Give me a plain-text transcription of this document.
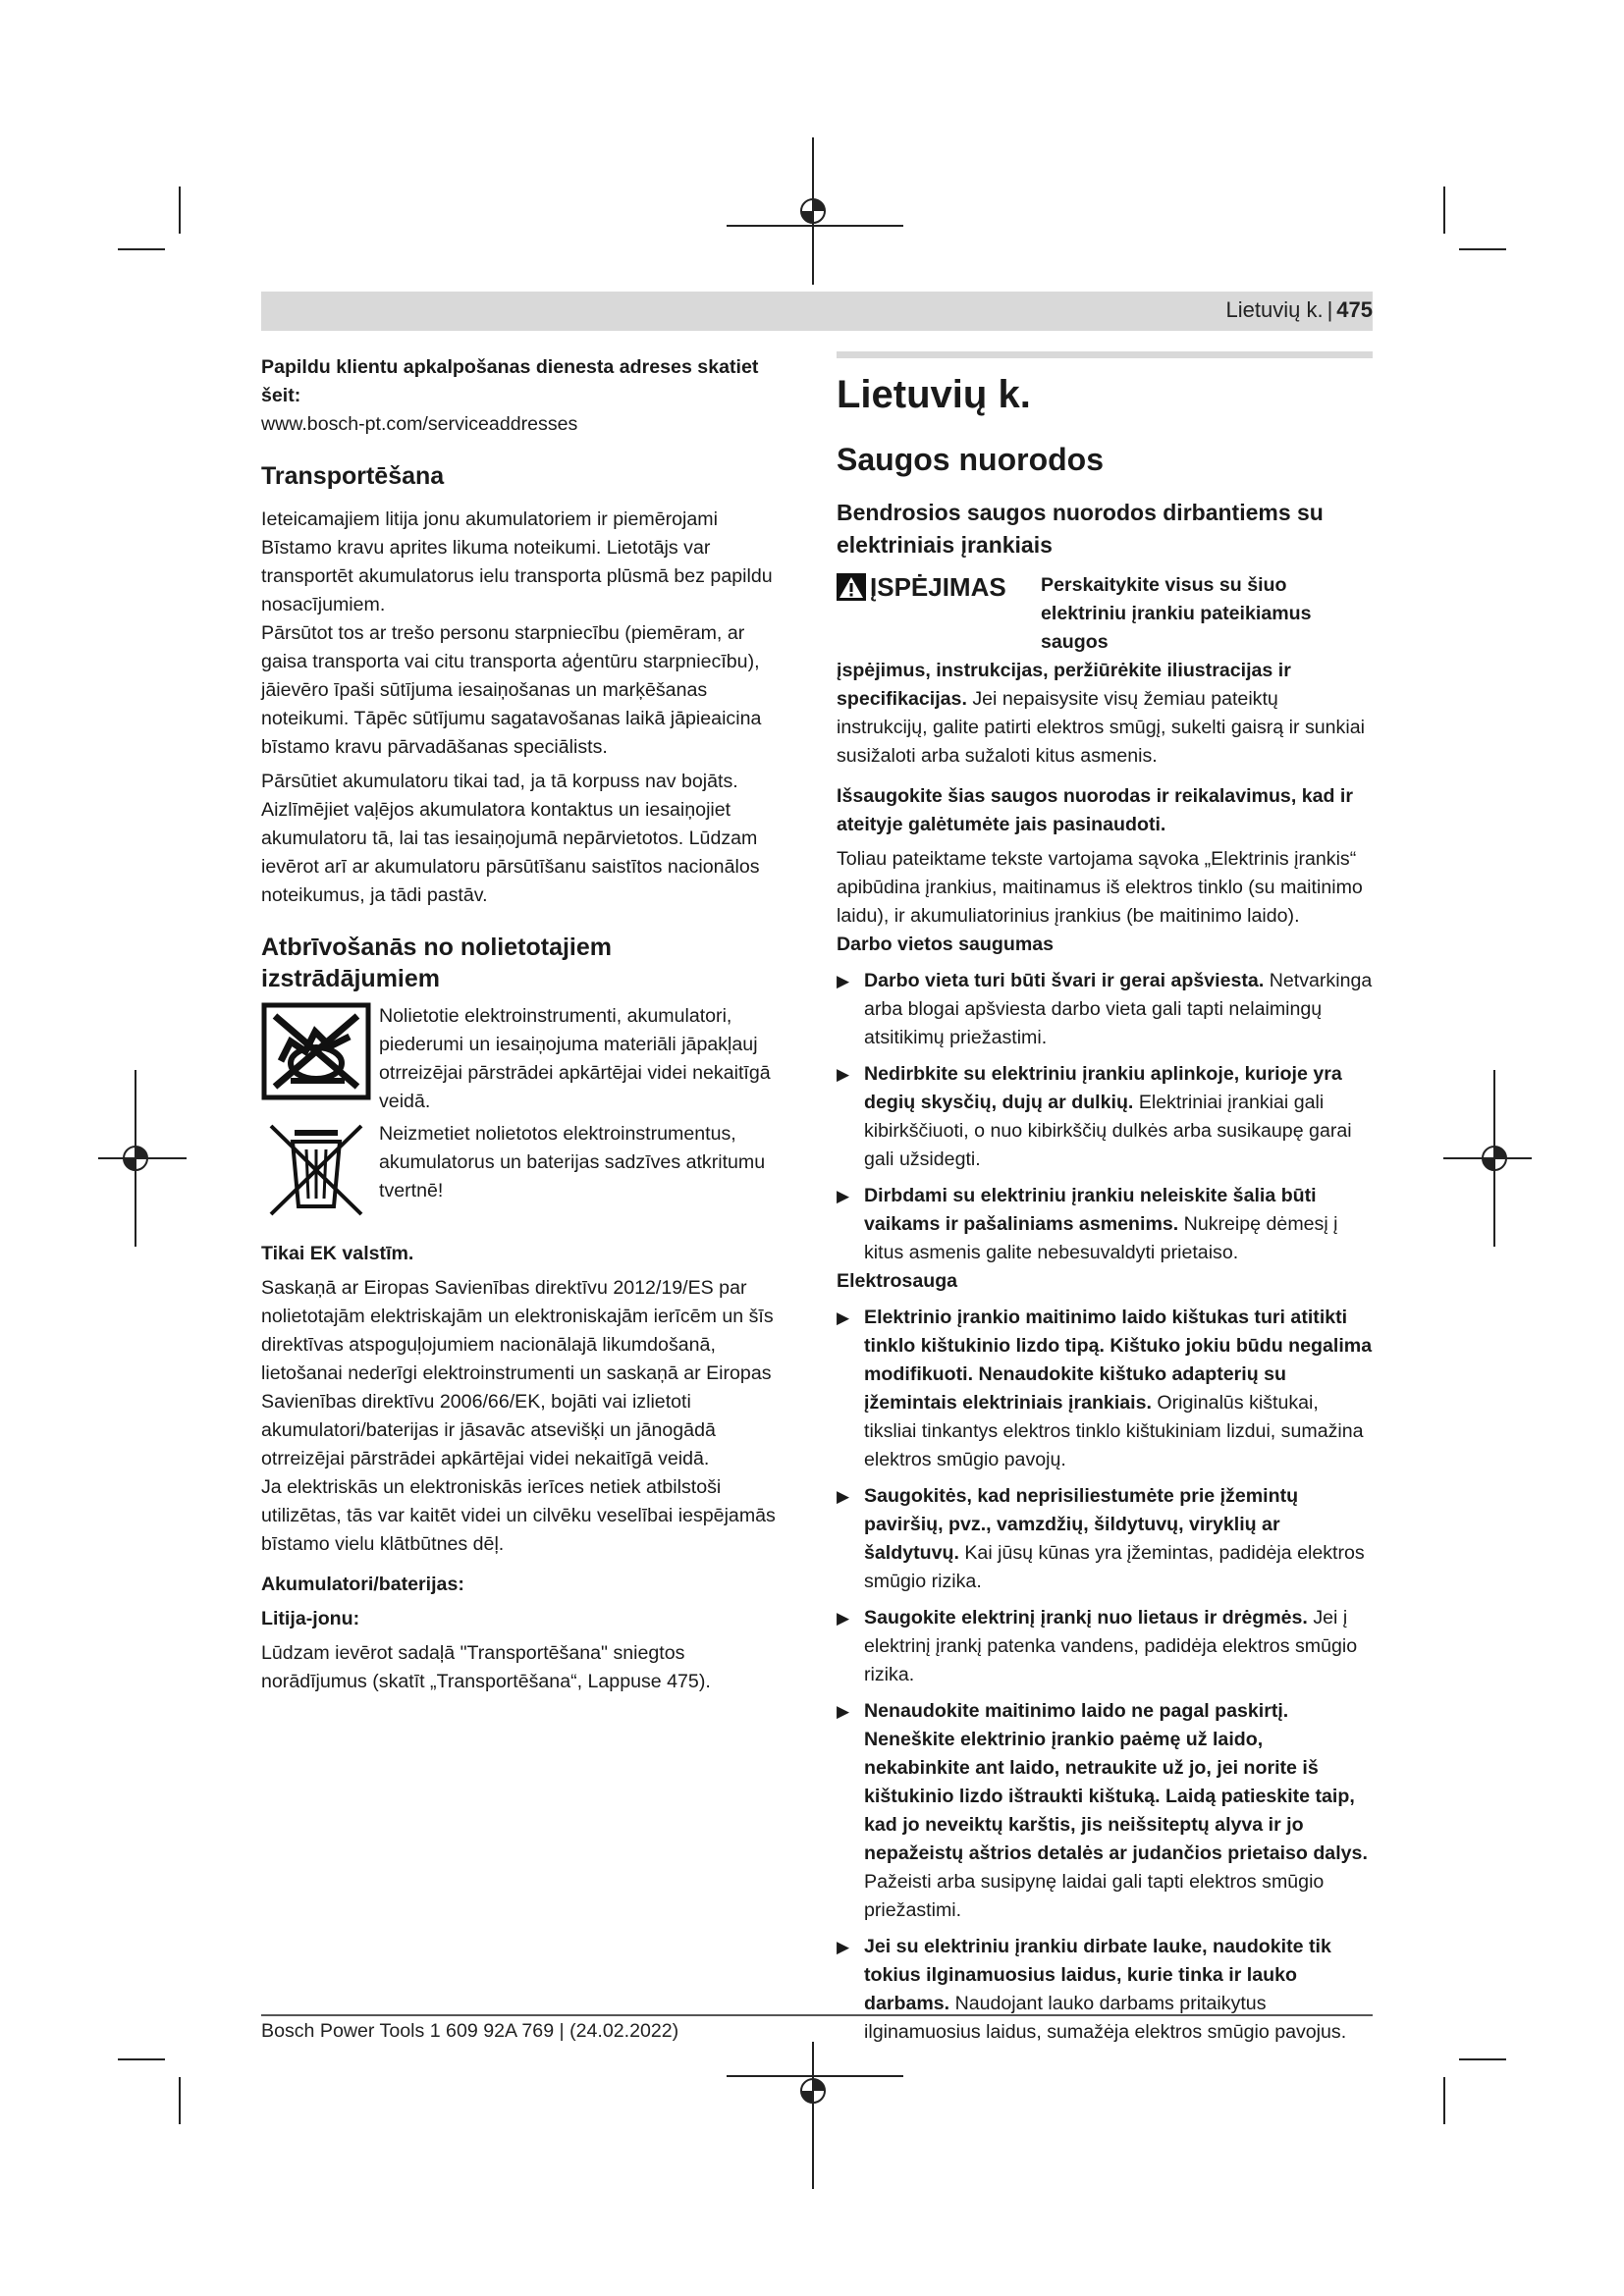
Lietuvių k. | 475

Papildu klientu apkalpošanas dienesta adreses skatiet šeit:

www.bosch-pt.com/serviceaddresses

Transportēšana

Ieteicamajiem litija jonu akumulatoriem ir piemērojami Bīstamo kravu aprites likuma noteikumi. Lietotājs var transportēt akumulatorus ielu transporta plūsmā bez papildu nosacījumiem.

Pārsūtot tos ar trešo personu starpniecību (piemēram, ar gaisa transporta vai citu transporta aģentūru starpniecību), jāievēro īpaši sūtījuma iesaiņošanas un marķēšanas noteikumi. Tāpēc sūtījumu sagatavošanas laikā jāpieaicina bīstamo kravu pārvadāšanas speciālists.

Pārsūtiet akumulatoru tikai tad, ja tā korpuss nav bojāts. Aizlīmējiet vaļējos akumulatora kontaktus un iesaiņojiet akumulatoru tā, lai tas iesaiņojumā nepārvietotos. Lūdzam ievērot arī ar akumulatoru pārsūtīšanu saistītos nacionālos noteikumus, ja tādi pastāv.

Atbrīvošanās no nolietotajiem izstrādājumiem
Nolietotie elektroinstrumenti, akumulatori, piederumi un iesaiņojuma materiāli jāpakļauj otrreizējai pārstrādei apkārtējai videi nekaitīgā veidā.
Neizmetiet nolietotos elektroinstrumentus, akumulatorus un baterijas sadzīves atkritumu tvertnē!

Tikai EK valstīm.

Saskaņā ar Eiropas Savienības direktīvu 2012/19/ES par nolietotajām elektriskajām un elektroniskajām ierīcēm un šīs direktīvas atspoguļojumiem nacionālajā likumdošanā, lietošanai nederīgi elektroinstrumenti un saskaņā ar Eiropas Savienības direktīvu 2006/66/EK, bojāti vai izlietoti akumulatori/baterijas ir jāsavāc atsevišķi un jānogādā otrreizējai pārstrādei apkārtējai videi nekaitīgā veidā.

Ja elektriskās un elektroniskās ierīces netiek atbilstoši utilizētas, tās var kaitēt videi un cilvēku veselībai iespējamās bīstamo vielu klātbūtnes dēļ.

Akumulatori/baterijas:

Litija-jonu:

Lūdzam ievērot sadaļā "Transportēšana" sniegtos norādījumus (skatīt „Transportēšana“, Lappuse 475).

Lietuvių k.
Saugos nuorodos
Bendrosios saugos nuorodos dirbantiems su elektriniais įrankiais
ĮSPĖJIMAS Perskaitykite visus su šiuo elektriniu įrankiu pateikiamus saugos

įspėjimus, instrukcijas, peržiūrėkite iliustracijas ir specifikacijas. Jei nepaisysite visų žemiau pateiktų instrukcijų, galite patirti elektros smūgį, sukelti gaisrą ir sunkiai susižaloti arba sužaloti kitus asmenis.

Išsaugokite šias saugos nuorodas ir reikalavimus, kad ir ateityje galėtumėte jais pasinaudoti.

Toliau pateiktame tekste vartojama sąvoka „Elektrinis įrankis“ apibūdina įrankius, maitinamus iš elektros tinklo (su maitinimo laidu), ir akumuliatorinius įrankius (be maitinimo laido).

Darbo vietos saugumas

▶ Darbo vieta turi būti švari ir gerai apšviesta. Netvarkinga arba blogai apšviesta darbo vieta gali tapti nelaimingų atsitikimų priežastimi.
▶ Nedirbkite su elektriniu įrankiu aplinkoje, kurioje yra degių skysčių, dujų ar dulkių. Elektriniai įrankiai gali kibirkščiuoti, o nuo kibirkščių dulkės arba susikaupę garai gali užsidegti.
▶ Dirbdami su elektriniu įrankiu neleiskite šalia būti vaikams ir pašaliniams asmenims. Nukreipę dėmesį į kitus asmenis galite nebesuvaldyti prietaiso.

Elektrosauga

▶ Elektrinio įrankio maitinimo laido kištukas turi atitikti tinklo kištukinio lizdo tipą. Kištuko jokiu būdu negalima modifikuoti. Nenaudokite kištuko adapterių su įžemintais elektriniais įrankiais. Originalūs kištukai, tiksliai tinkantys elektros tinklo kištukiniam lizdui, sumažina elektros smūgio pavojų.
▶ Saugokitės, kad neprisiliestumėte prie įžemintų paviršių, pvz., vamzdžių, šildytuvų, viryklių ar šaldytuvų. Kai jūsų kūnas yra įžemintas, padidėja elektros smūgio rizika.
▶ Saugokite elektrinį įrankį nuo lietaus ir drėgmės. Jei į elektrinį įrankį patenka vandens, padidėja elektros smūgio rizika.
▶ Nenaudokite maitinimo laido ne pagal paskirtį. Neneškite elektrinio įrankio paėmę už laido, nekabinkite ant laido, netraukite už jo, jei norite iš kištukinio lizdo ištraukti kištuką. Laidą patieskite taip, kad jo neveiktų karštis, jis neišsiteptų alyva ir jo nepažeistų aštrios detalės ar judančios prietaiso dalys. Pažeisti arba susipynę laidai gali tapti elektros smūgio priežastimi.
▶ Jei su elektriniu įrankiu dirbate lauke, naudokite tik tokius ilginamuosius laidus, kurie tinka ir lauko darbams. Naudojant lauko darbams pritaikytus ilginamuosius laidus, sumažėja elektros smūgio pavojus.
Bosch Power Tools 1 609 92A 769 | (24.02.2022)
